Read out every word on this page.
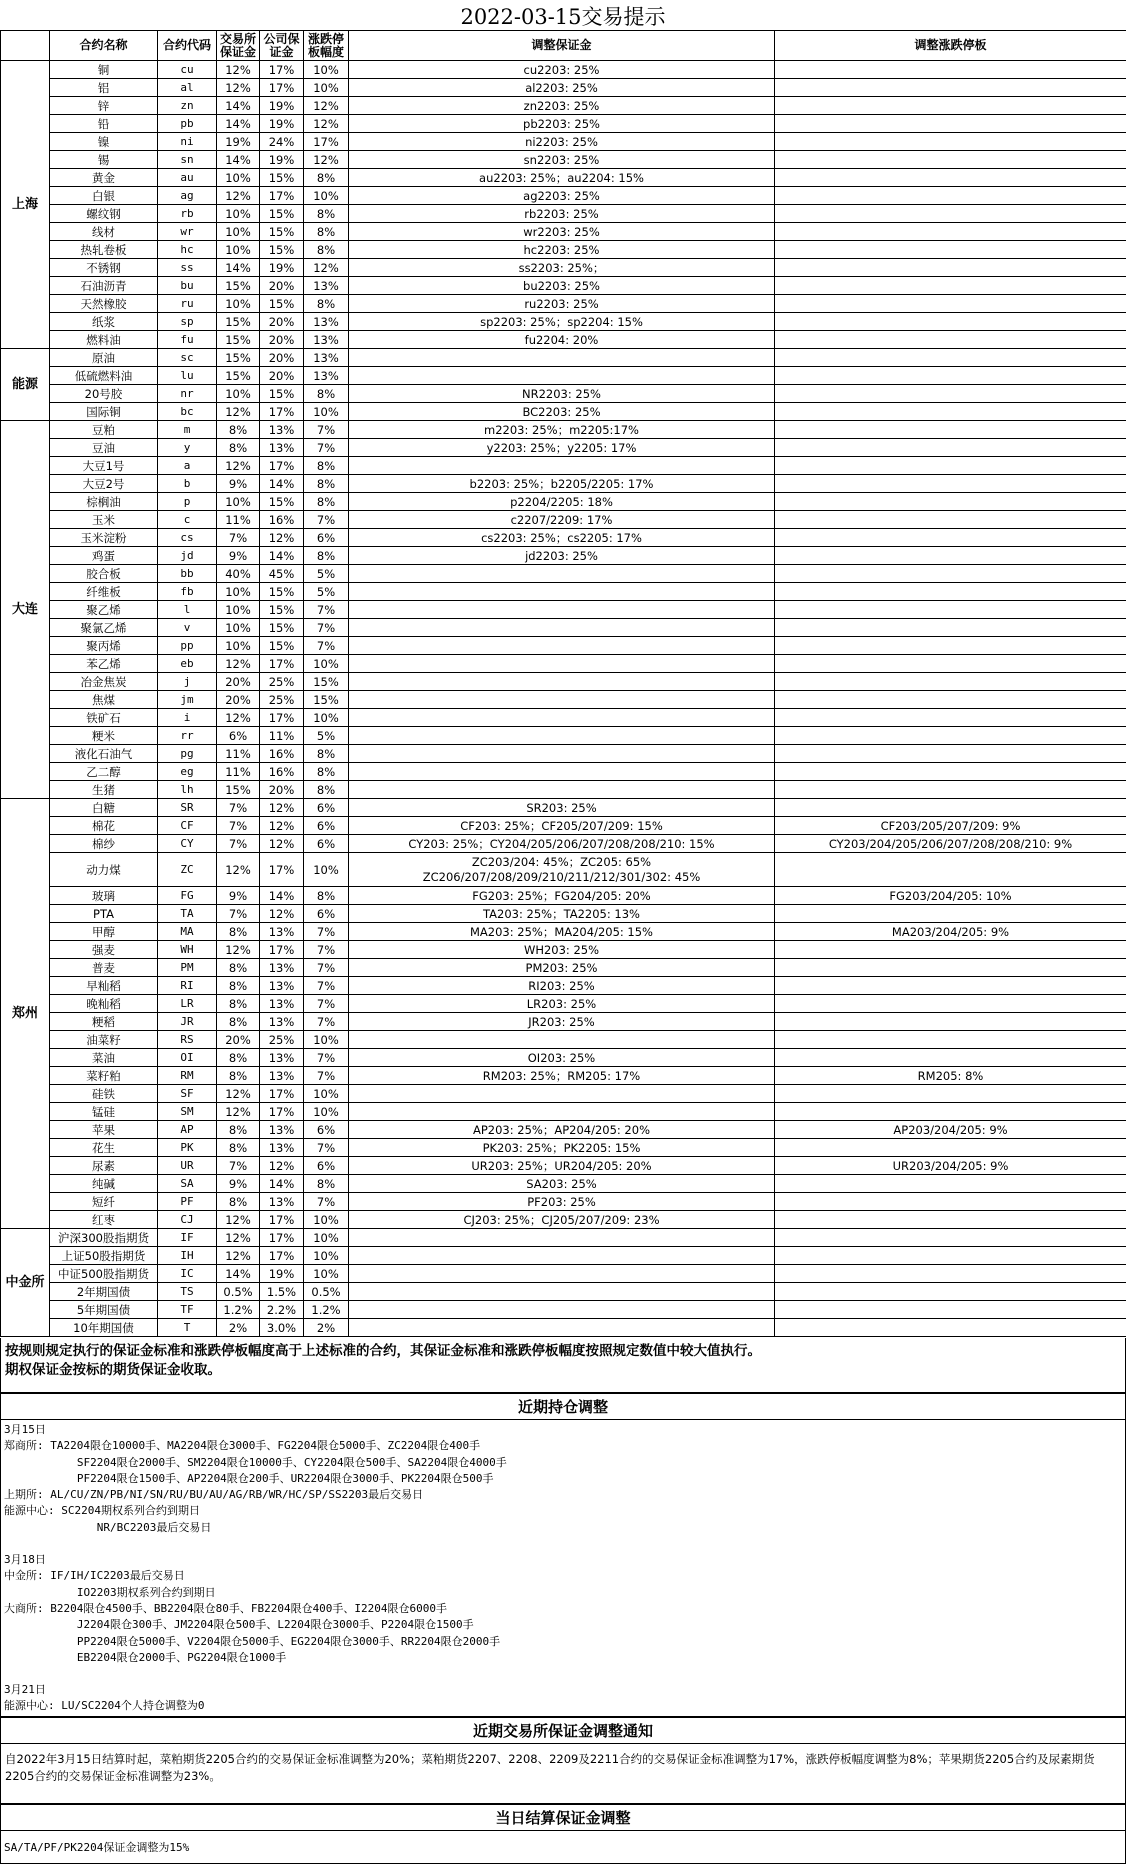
2022-03-15交易提示
	合约名称	合约代码	交易所保证金	公司保证金	涨跌停板幅度	调整保证金	调整涨跌停板
上海	铜	cu	12%	17%	10%	cu2203: 25%	
	铝	al	12%	17%	10%	al2203: 25%	
	锌	zn	14%	19%	12%	zn2203: 25%	
	铅	pb	14%	19%	12%	pb2203: 25%	
	镍	ni	19%	24%	17%	ni2203: 25%	
	锡	sn	14%	19%	12%	sn2203: 25%	
	黄金	au	10%	15%	8%	au2203: 25%；au2204: 15%	
	白银	ag	12%	17%	10%	ag2203: 25%	
	螺纹钢	rb	10%	15%	8%	rb2203: 25%	
	线材	wr	10%	15%	8%	wr2203: 25%	
	热轧卷板	hc	10%	15%	8%	hc2203: 25%	
	不锈钢	ss	14%	19%	12%	ss2203: 25%；	
	石油沥青	bu	15%	20%	13%	bu2203: 25%	
	天然橡胶	ru	10%	15%	8%	ru2203: 25%	
	纸浆	sp	15%	20%	13%	sp2203: 25%；sp2204: 15%	
	燃料油	fu	15%	20%	13%	fu2204: 20%	
能源	原油	sc	15%	20%	13%		
	低硫燃料油	lu	15%	20%	13%		
	20号胶	nr	10%	15%	8%	NR2203: 25%	
	国际铜	bc	12%	17%	10%	BC2203: 25%	
大连	豆粕	m	8%	13%	7%	m2203: 25%；m2205:17%	
	豆油	y	8%	13%	7%	y2203: 25%；y2205: 17%	
	大豆1号	a	12%	17%	8%		
	大豆2号	b	9%	14%	8%	b2203: 25%；b2205/2205: 17%	
	棕榈油	p	10%	15%	8%	p2204/2205: 18%	
	玉米	c	11%	16%	7%	c2207/2209: 17%	
	玉米淀粉	cs	7%	12%	6%	cs2203: 25%；cs2205: 17%	
	鸡蛋	jd	9%	14%	8%	jd2203: 25%	
	胶合板	bb	40%	45%	5%		
	纤维板	fb	10%	15%	5%		
	聚乙烯	l	10%	15%	7%		
	聚氯乙烯	v	10%	15%	7%		
	聚丙烯	pp	10%	15%	7%		
	苯乙烯	eb	12%	17%	10%		
	冶金焦炭	j	20%	25%	15%		
	焦煤	jm	20%	25%	15%		
	铁矿石	i	12%	17%	10%		
	粳米	rr	6%	11%	5%		
	液化石油气	pg	11%	16%	8%		
	乙二醇	eg	11%	16%	8%		
	生猪	lh	15%	20%	8%		
郑州	白糖	SR	7%	12%	6%	SR203: 25%	
	棉花	CF	7%	12%	6%	CF203: 25%；CF205/207/209: 15%	CF203/205/207/209: 9%
	棉纱	CY	7%	12%	6%	CY203: 25%；CY204/205/206/207/208/208/210: 15%	CY203/204/205/206/207/208/208/210: 9%
	动力煤	ZC	12%	17%	10%	ZC203/204: 45%；ZC205: 65%
ZC206/207/208/209/210/211/212/301/302: 45%	

	玻璃	FG	9%	14%	8%	FG203: 25%；FG204/205: 20%	FG203/204/205: 10%
	PTA	TA	7%	12%	6%	TA203: 25%；TA2205: 13%	
	甲醇	MA	8%	13%	7%	MA203: 25%；MA204/205: 15%	MA203/204/205: 9%
	强麦	WH	12%	17%	7%	WH203: 25%	
	普麦	PM	8%	13%	7%	PM203: 25%	
	早籼稻	RI	8%	13%	7%	RI203: 25%	
	晚籼稻	LR	8%	13%	7%	LR203: 25%	
	粳稻	JR	8%	13%	7%	JR203: 25%	
	油菜籽	RS	20%	25%	10%		
	菜油	OI	8%	13%	7%	OI203: 25%	
	菜籽粕	RM	8%	13%	7%	RM203: 25%；RM205: 17%	RM205: 8%
	硅铁	SF	12%	17%	10%		
	锰硅	SM	12%	17%	10%		
	苹果	AP	8%	13%	6%	AP203: 25%；AP204/205: 20%	AP203/204/205: 9%
	花生	PK	8%	13%	7%	PK203: 25%；PK2205: 15%	
	尿素	UR	7%	12%	6%	UR203: 25%；UR204/205: 20%	UR203/204/205: 9%
	纯碱	SA	9%	14%	8%	SA203: 25%	
	短纤	PF	8%	13%	7%	PF203: 25%	
	红枣	CJ	12%	17%	10%	CJ203: 25%；CJ205/207/209: 23%	
中金所	沪深300股指期货	IF	12%	17%	10%		
	上证50股指期货	IH	12%	17%	10%		
	中证500股指期货	IC	14%	19%	10%		
	2年期国债	TS	0.5%	1.5%	0.5%		
	5年期国债	TF	1.2%	2.2%	1.2%		
	10年期国债	T	2%	3.0%	2%		
按规则规定执行的保证金标准和涨跌停板幅度高于上述标准的合约，其保证金标准和涨跌停板幅度按照规定数值中较大值执行。
期权保证金按标的期货保证金收取。
近期持仓调整
3月15日
郑商所: TA2204限仓10000手、MA2204限仓3000手、FG2204限仓5000手、ZC2204限仓400手
SF2204限仓2000手、SM2204限仓10000手、CY2204限仓500手、SA2204限仓4000手
PF2204限仓1500手、AP2204限仓200手、UR2204限仓3000手、PK2204限仓500手
上期所: AL/CU/ZN/PB/NI/SN/RU/BU/AU/AG/RB/WR/HC/SP/SS2203最后交易日
能源中心: SC2204期权系列合约到期日
NR/BC2203最后交易日
3月18日
中金所: IF/IH/IC2203最后交易日
IO2203期权系列合约到期日
大商所: B2204限仓4500手、BB2204限仓80手、FB2204限仓400手、I2204限仓6000手
J2204限仓300手、JM2204限仓500手、L2204限仓3000手、P2204限仓1500手
PP2204限仓5000手、V2204限仓5000手、EG2204限仓3000手、RR2204限仓2000手
EB2204限仓2000手、PG2204限仓1000手
3月21日
能源中心: LU/SC2204个人持仓调整为0
近期交易所保证金调整通知
自2022年3月15日结算时起，菜粕期货2205合约的交易保证金标准调整为20%；菜粕期货2207、2208、2209及2211合约的交易保证金标准调整为17%，涨跌停板幅度调整为8%；苹果期货2205合约及尿素期货2205合约的交易保证金标准调整为23%。
当日结算保证金调整
SA/TA/PF/PK2204保证金调整为15%
